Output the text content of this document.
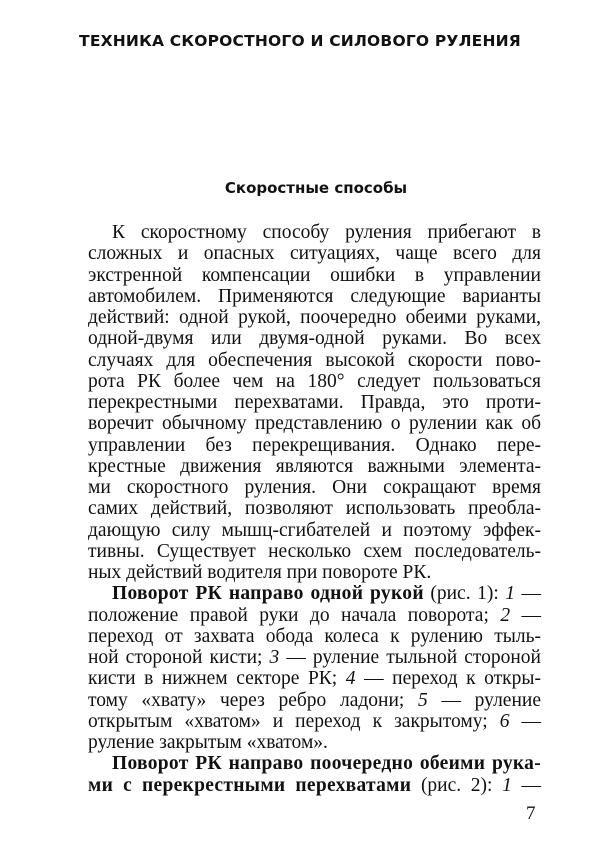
ТЕХНИКА СКОРОСТНОГО И СИЛОВОГО РУЛЕНИЯ
Скоростные способы
К скоростному способу руления прибегают в
сложных и опасных ситуациях, чаще всего для
экстренной компенсации ошибки в управлении
автомобилем. Применяются следующие варианты
действий: одной рукой, поочередно обеими руками,
одной-двумя или двумя-одной руками. Во всех
случаях для обеспечения высокой скорости пово-
рота РК более чем на 180° следует пользоваться
перекрестными перехватами. Правда, это проти-
воречит обычному представлению о рулении как об
управлении без перекрещивания. Однако пере-
крестные движения являются важными элемента-
ми скоростного руления. Они сокращают время
самих действий, позволяют использовать преобла-
дающую силу мышц-сгибателей и поэтому эффек-
тивны. Существует несколько схем последователь-
ных действий водителя при повороте РК.
Поворот РК направо одной рукой (рис. 1): 1 —
положение правой руки до начала поворота; 2 —
переход от захвата обода колеса к рулению тыль-
ной стороной кисти; 3 — руление тыльной стороной
кисти в нижнем секторе РК; 4 — переход к откры-
тому «хвату» через ребро ладони; 5 — руление
открытым «хватом» и переход к закрытому; 6 —
руление закрытым «хватом».
Поворот РК направо поочередно обеими рука-
ми с перекрестными перехватами (рис. 2): 1 —
7
